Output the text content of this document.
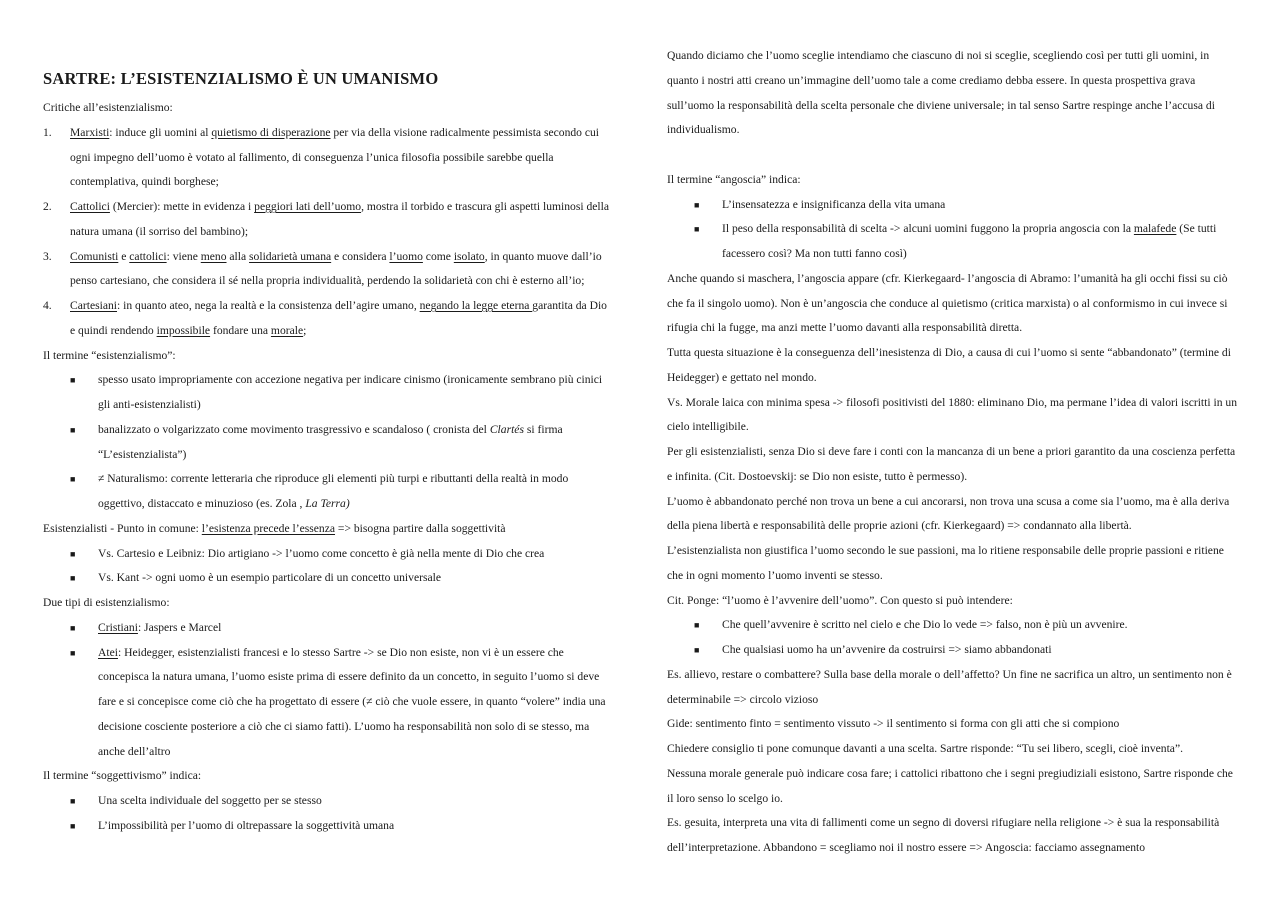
SARTRE: L’ESISTENZIALISMO È UN UMANISMO

Critiche all’esistenzialismo:

1.	Marxisti: induce gli uomini al quietismo di disperazione per via della visione radicalmente pessimista secondo cui ogni impegno dell’uomo è votato al fallimento, di conseguenza l’unica filosofia possibile sarebbe quella contemplativa, quindi borghese;
2.	Cattolici (Mercier): mette in evidenza i peggiori lati dell’uomo, mostra il torbido e trascura gli aspetti luminosi della natura umana (il sorriso del bambino);
3.	Comunisti e cattolici: viene meno alla solidarietà umana e considera l’uomo come isolato, in quanto muove dall’io penso cartesiano, che considera il sé nella propria individualità, perdendo la solidarietà con chi è esterno all’io;
4.	Cartesiani: in quanto ateo, nega la realtà e la consistenza dell’agire umano, negando la legge eterna garantita da Dio e quindi rendendo impossibile fondare una morale;

Il termine “esistenzialismo”:

■	spesso usato impropriamente con accezione negativa per indicare cinismo (ironicamente sembrano più cinici gli anti-esistenzialisti)
■	banalizzato o volgarizzato come movimento trasgressivo e scandaloso ( cronista del Clartés si firma “L’esistenzialista”)
■	≠ Naturalismo: corrente letteraria che riproduce gli elementi più turpi e ributtanti della realtà in modo oggettivo, distaccato e minuzioso (es. Zola , La Terra)

Esistenzialisti - Punto in comune: l’esistenza precede l’essenza => bisogna partire dalla soggettività

■	Vs. Cartesio e Leibniz: Dio artigiano -> l’uomo come concetto è già nella mente di Dio che crea
■	Vs. Kant -> ogni uomo è un esempio particolare di un concetto universale

Due tipi di esistenzialismo:

■	Cristiani: Jaspers e Marcel
■	Atei: Heidegger, esistenzialisti francesi e lo stesso Sartre -> se Dio non esiste, non vi è un essere che concepisca la natura umana, l’uomo esiste prima di essere definito da un concetto, in seguito l’uomo si deve fare e si concepisce come ciò che ha progettato di essere (≠ ciò che vuole essere, in quanto “volere” india una decisione cosciente posteriore a ciò che ci siamo fatti). L’uomo ha responsabilità non solo di se stesso, ma anche dell’altro

Il termine “soggettivismo” indica:

■	Una scelta individuale del soggetto per se stesso
■	L’impossibilità per l’uomo di oltrepassare la soggettività umana

Quando diciamo che l’uomo sceglie intendiamo che ciascuno di noi si sceglie, scegliendo così per tutti gli uomini, in quanto i nostri atti creano un’immagine dell’uomo tale a come crediamo debba essere. In questa prospettiva grava sull’uomo la responsabilità della scelta personale che diviene universale; in tal senso Sartre respinge anche l’accusa di individualismo.

Il termine “angoscia” indica:

■	L’insensatezza e insignificanza della vita umana
■	Il peso della responsabilità di scelta -> alcuni uomini fuggono la propria angoscia con la malafede (Se tutti facessero così? Ma non tutti fanno così)

Anche quando si maschera, l’angoscia appare (cfr. Kierkegaard- l’angoscia di Abramo: l’umanità ha gli occhi fissi su ciò che fa il singolo uomo). Non è un’angoscia che conduce al quietismo (critica marxista) o al conformismo in cui invece si rifugia chi la fugge, ma anzi mette l’uomo davanti alla responsabilità diretta.

Tutta questa situazione è la conseguenza dell’inesistenza di Dio, a causa di cui l’uomo si sente “abbandonato” (termine di Heidegger) e gettato nel mondo.

Vs. Morale laica con minima spesa -> filosofi positivisti del 1880: eliminano Dio, ma permane l’idea di valori iscritti in un cielo intelligibile.

Per gli esistenzialisti, senza Dio si deve fare i conti con la mancanza di un bene a priori garantito da una coscienza perfetta e infinita. (Cit. Dostoevskij: se Dio non esiste, tutto è permesso).

L’uomo è abbandonato perché non trova un bene a cui ancorarsi, non trova una scusa a come sia l’uomo, ma è alla deriva della piena libertà e responsabilità delle proprie azioni (cfr. Kierkegaard) => condannato alla libertà.

L’esistenzialista non giustifica l’uomo secondo le sue passioni, ma lo ritiene responsabile delle proprie passioni e ritiene che in ogni momento l’uomo inventi se stesso.

Cit. Ponge: “l’uomo è l’avvenire dell’uomo”. Con questo si può intendere:

■	Che quell’avvenire è scritto nel cielo e che Dio lo vede => falso, non è più un avvenire.
■	Che qualsiasi uomo ha un’avvenire da costruirsi => siamo abbandonati

Es. allievo, restare o combattere? Sulla base della morale o dell’affetto? Un fine ne sacrifica un altro, un sentimento non è determinabile => circolo vizioso

Gide: sentimento finto = sentimento vissuto -> il sentimento si forma con gli atti che si compiono

Chiedere consiglio ti pone comunque davanti a una scelta. Sartre risponde: “Tu sei libero, scegli, cioè inventa”.

Nessuna morale generale può indicare cosa fare; i cattolici ribattono che i segni pregiudiziali esistono, Sartre risponde che il loro senso lo scelgo io.

Es. gesuita, interpreta una vita di fallimenti come un segno di doversi rifugiare nella religione -> è sua la responsabilità dell’interpretazione. Abbandono = scegliamo noi il nostro essere => Angoscia: facciamo assegnamento
